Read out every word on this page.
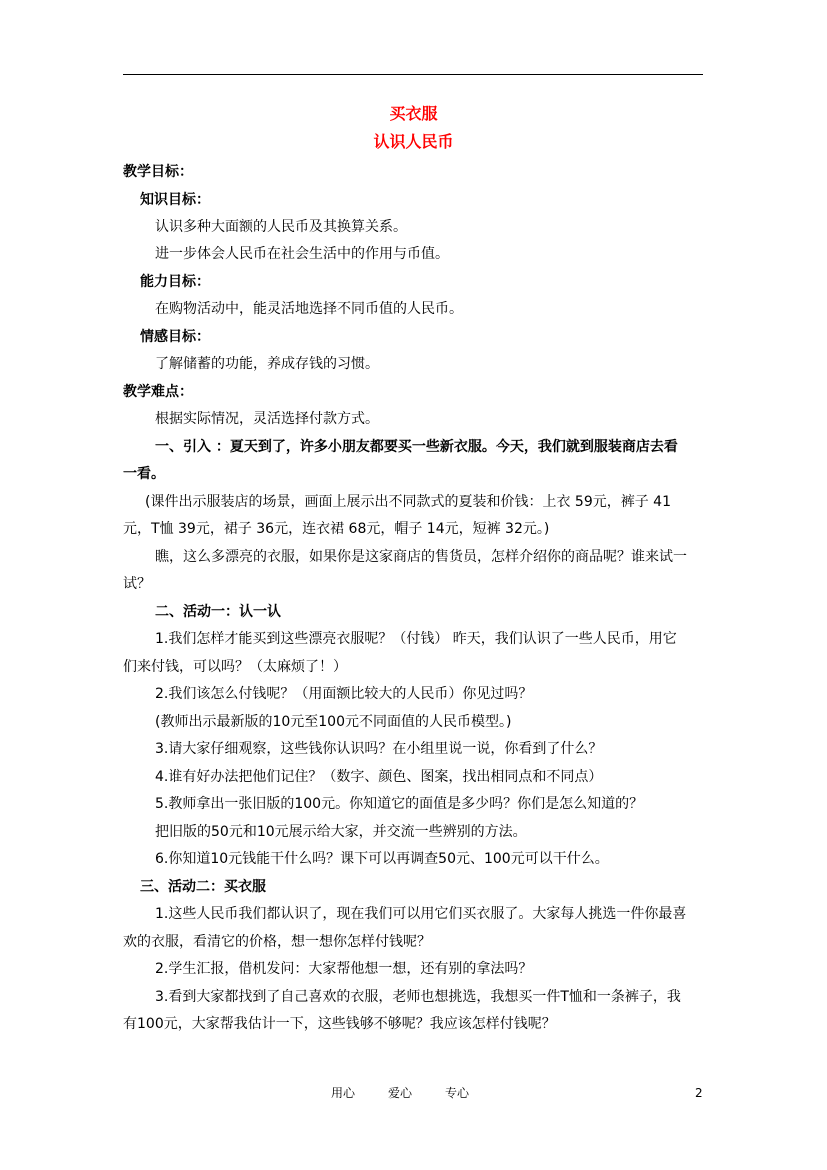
买衣服
认识人民币
教学目标：
知识目标：
认识多种大面额的人民币及其换算关系。
进一步体会人民币在社会生活中的作用与币值。
能力目标：
在购物活动中，能灵活地选择不同币值的人民币。
情感目标：
了解储蓄的功能，养成存钱的习惯。
教学难点：
根据实际情况，灵活选择付款方式。
一、引入 ：夏天到了，许多小朋友都要买一些新衣服。今天，我们就到服装商店去看
一看。
(课件出示服装店的场景，画面上展示出不同款式的夏装和价钱：上衣 59元，裤子 41
元，T恤 39元，裙子 36元，连衣裙 68元，帽子 14元，短裤 32元。)
瞧，这么多漂亮的衣服，如果你是这家商店的售货员，怎样介绍你的商品呢？谁来试一
试？
二、活动一：认一认
1.我们怎样才能买到这些漂亮衣服呢？（付钱） 昨天，我们认识了一些人民币，用它
们来付钱，可以吗？（太麻烦了！）
2.我们该怎么付钱呢？（用面额比较大的人民币）你见过吗？
(教师出示最新版的10元至100元不同面值的人民币模型。)
3.请大家仔细观察，这些钱你认识吗？在小组里说一说，你看到了什么？
4.谁有好办法把他们记住？（数字、颜色、图案，找出相同点和不同点）
5.教师拿出一张旧版的100元。你知道它的面值是多少吗？你们是怎么知道的？
把旧版的50元和10元展示给大家，并交流一些辨别的方法。
6.你知道10元钱能干什么吗？课下可以再调查50元、100元可以干什么。
三、活动二：买衣服
1.这些人民币我们都认识了，现在我们可以用它们买衣服了。大家每人挑选一件你最喜
欢的衣服，看清它的价格，想一想你怎样付钱呢？
2.学生汇报，借机发问：大家帮他想一想，还有别的拿法吗？
3.看到大家都找到了自己喜欢的衣服，老师也想挑选，我想买一件T恤和一条裤子，我
有100元，大家帮我估计一下，这些钱够不够呢？我应该怎样付钱呢？
用心	爱心	专心	2
